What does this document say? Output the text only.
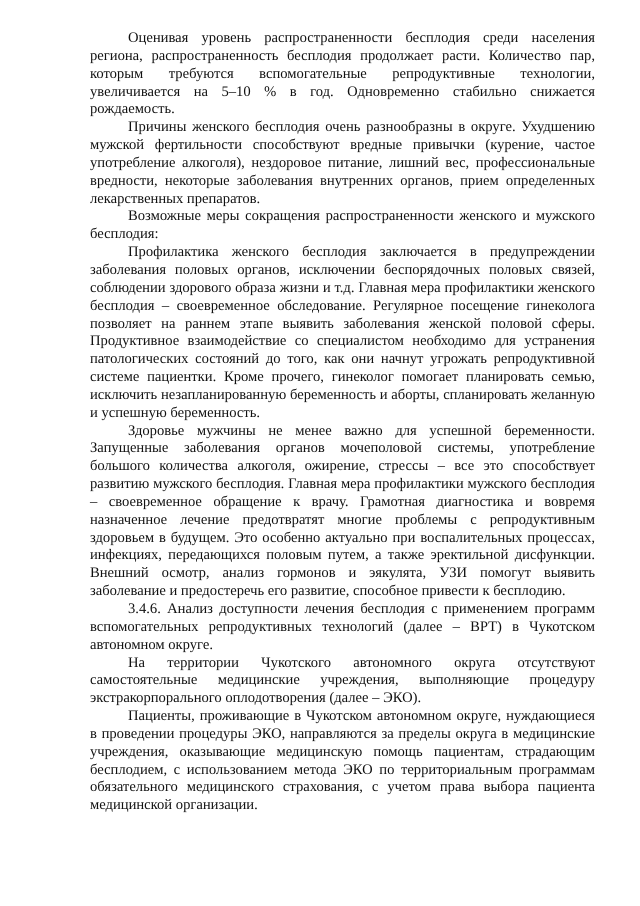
Оценивая уровень распространенности бесплодия среди населения региона, распространенность бесплодия продолжает расти. Количество пар, которым требуются вспомогательные репродуктивные технологии, увеличивается на 5–10 % в год. Одновременно стабильно снижается рождаемость.

Причины женского бесплодия очень разнообразны в округе. Ухудшению мужской фертильности способствуют вредные привычки (курение, частое употребление алкоголя), нездоровое питание, лишний вес, профессиональные вредности, некоторые заболевания внутренних органов, прием определенных лекарственных препаратов.

Возможные меры сокращения распространенности женского и мужского бесплодия:

Профилактика женского бесплодия заключается в предупреждении заболевания половых органов, исключении беспорядочных половых связей, соблюдении здорового образа жизни и т.д. Главная мера профилактики женского бесплодия – своевременное обследование. Регулярное посещение гинеколога позволяет на раннем этапе выявить заболевания женской половой сферы. Продуктивное взаимодействие со специалистом необходимо для устранения патологических состояний до того, как они начнут угрожать репродуктивной системе пациентки. Кроме прочего, гинеколог помогает планировать семью, исключить незапланированную беременность и аборты, спланировать желанную и успешную беременность.

Здоровье мужчины не менее важно для успешной беременности. Запущенные заболевания органов мочеполовой системы, употребление большого количества алкоголя, ожирение, стрессы – все это способствует развитию мужского бесплодия. Главная мера профилактики мужского бесплодия – своевременное обращение к врачу. Грамотная диагностика и вовремя назначенное лечение предотвратят многие проблемы с репродуктивным здоровьем в будущем. Это особенно актуально при воспалительных процессах, инфекциях, передающихся половым путем, а также эректильной дисфункции. Внешний осмотр, анализ гормонов и эякулята, УЗИ помогут выявить заболевание и предостеречь его развитие, способное привести к бесплодию.

3.4.6. Анализ доступности лечения бесплодия с применением программ вспомогательных репродуктивных технологий (далее – ВРТ) в Чукотском автономном округе.

На территории Чукотского автономного округа отсутствуют самостоятельные медицинские учреждения, выполняющие процедуру экстракорпорального оплодотворения (далее – ЭКО).

Пациенты, проживающие в Чукотском автономном округе, нуждающиеся в проведении процедуры ЭКО, направляются за пределы округа в медицинские учреждения, оказывающие медицинскую помощь пациентам, страдающим бесплодием, с использованием метода ЭКО по территориальным программам обязательного медицинского страхования, с учетом права выбора пациента медицинской организации.
